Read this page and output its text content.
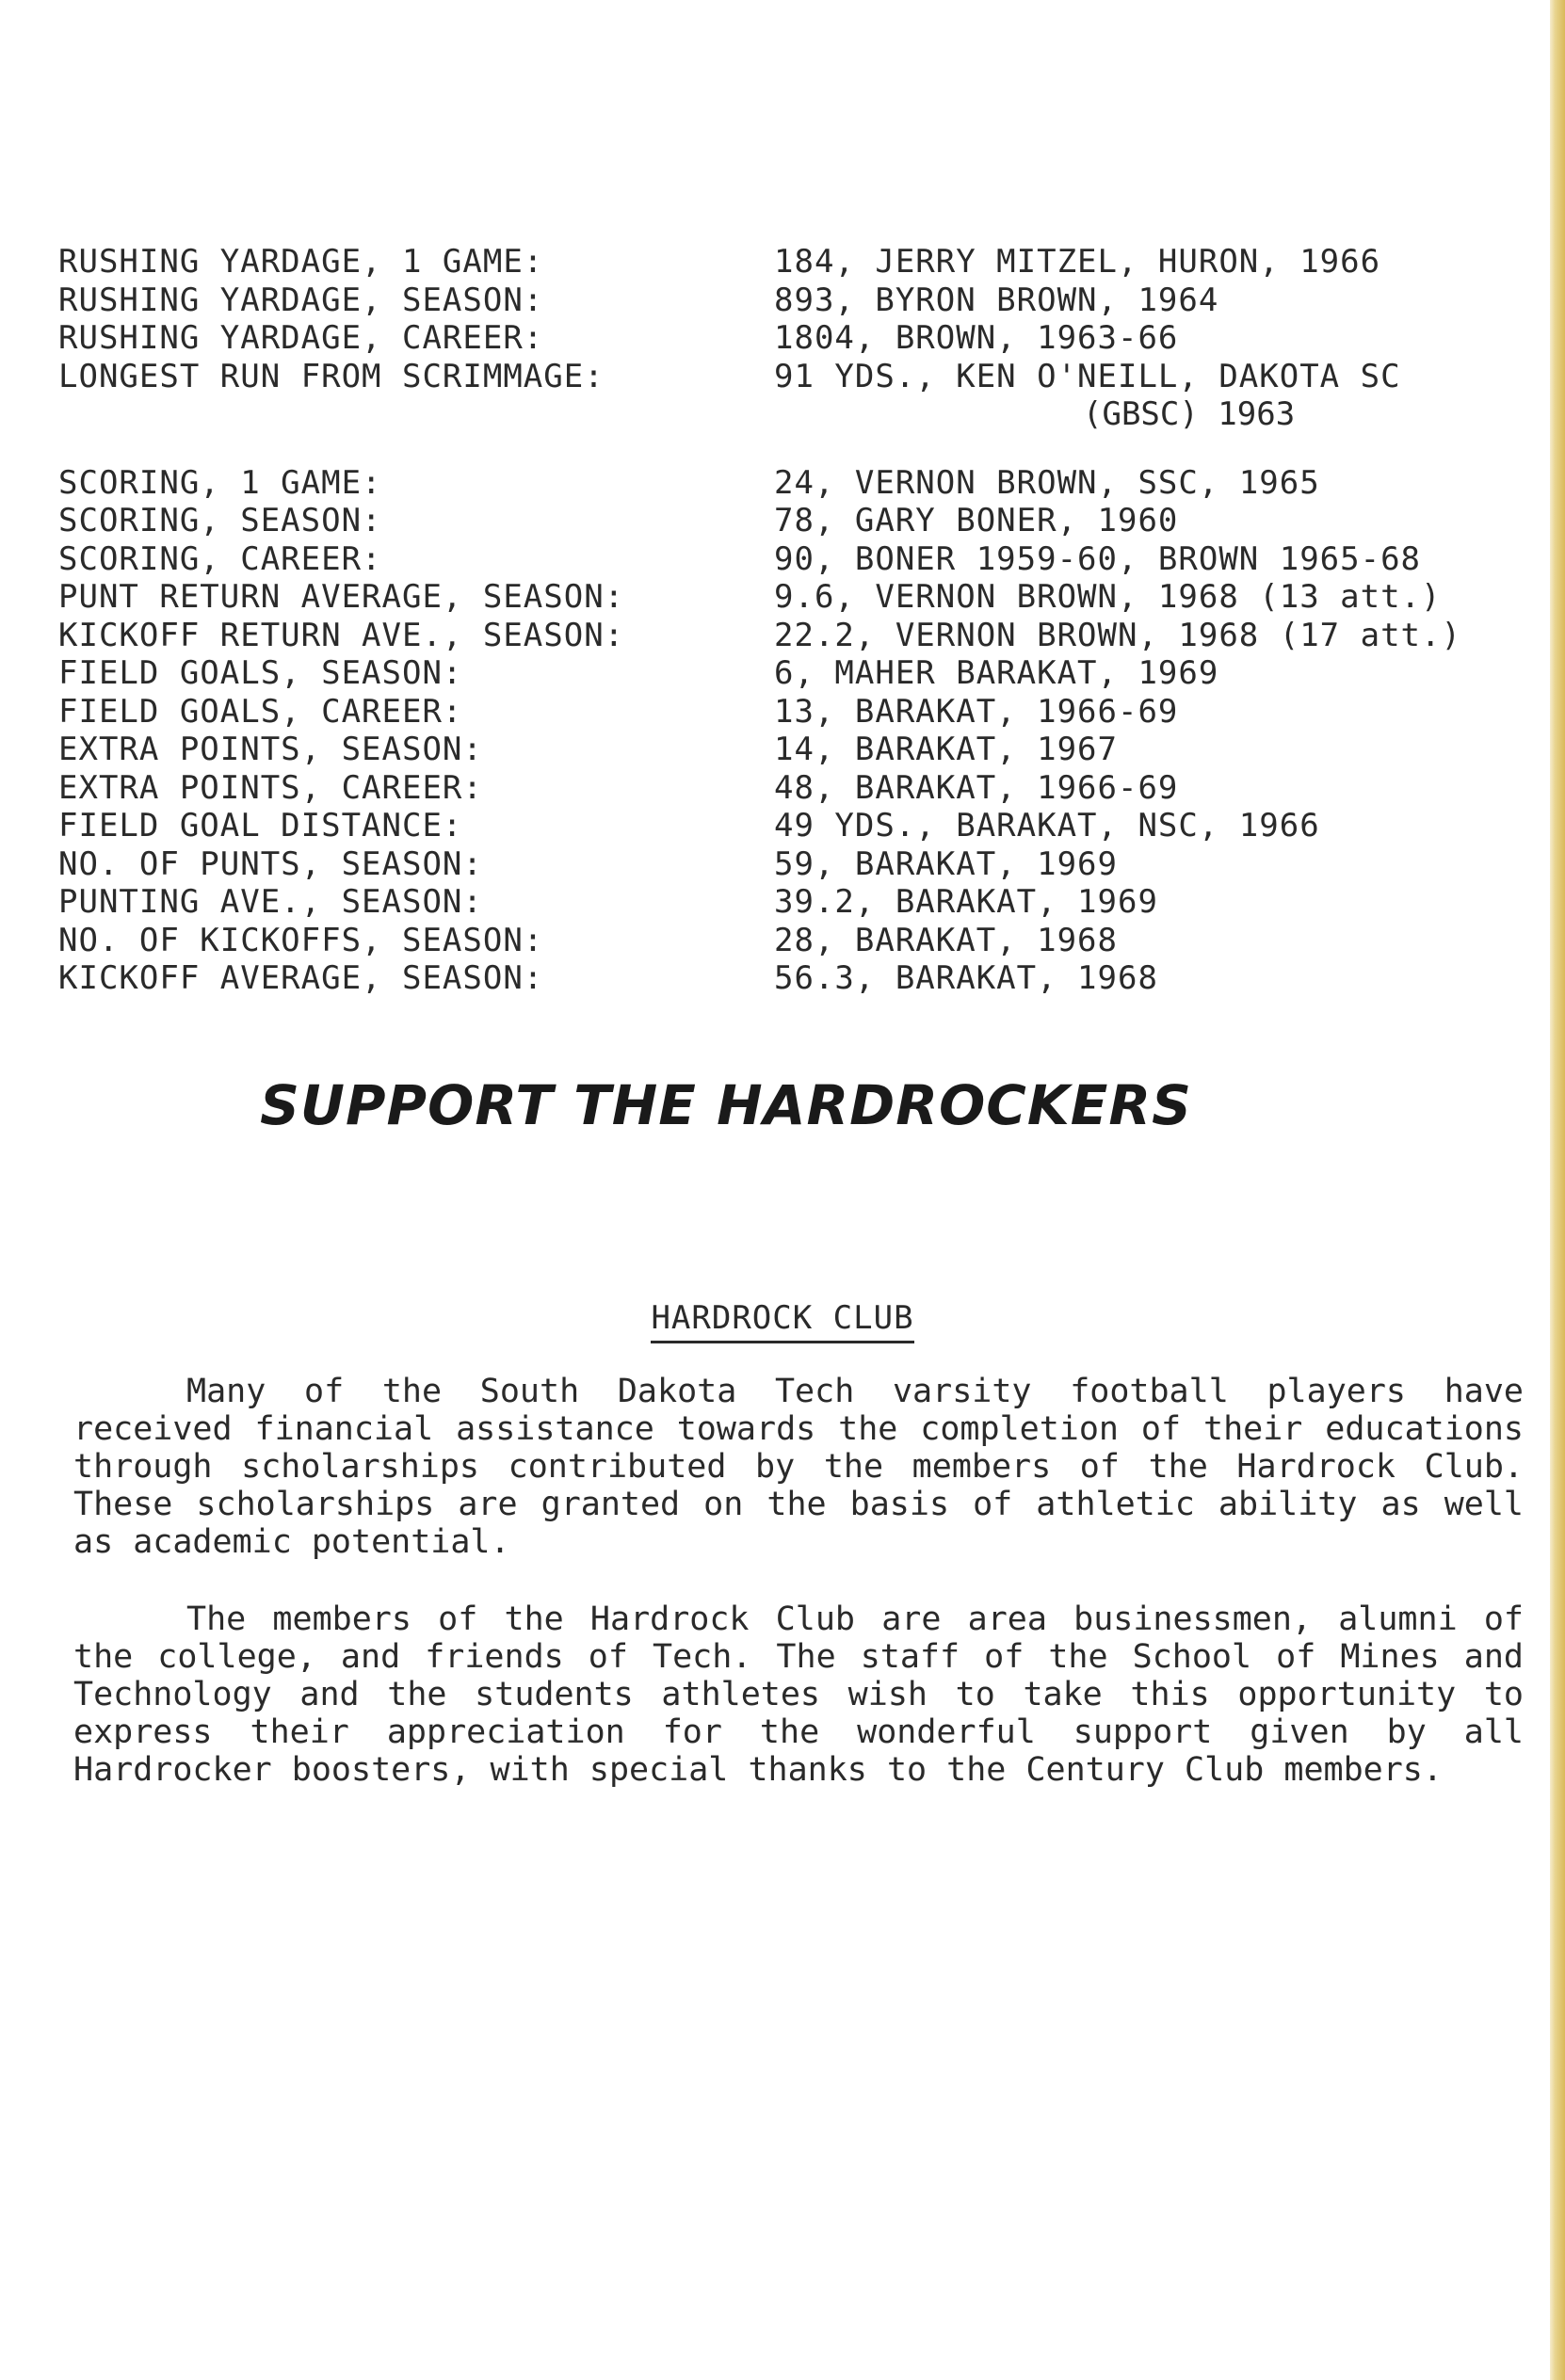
RUSHING YARDAGE, 1 GAME:	184, JERRY MITZEL, HURON, 1966
RUSHING YARDAGE, SEASON:	893, BYRON BROWN, 1964
RUSHING YARDAGE, CAREER:	1804, BROWN, 1963-66
LONGEST RUN FROM SCRIMMAGE:	91 YDS., KEN O'NEILL, DAKOTA SC
(GBSC) 1963
SCORING, 1 GAME:	24, VERNON BROWN, SSC, 1965
SCORING, SEASON:	78, GARY BONER, 1960
SCORING, CAREER:	90, BONER 1959-60, BROWN 1965-68
PUNT RETURN AVERAGE, SEASON:	9.6, VERNON BROWN, 1968 (13 att.)
KICKOFF RETURN AVE., SEASON:	22.2, VERNON BROWN, 1968 (17 att.)
FIELD GOALS, SEASON:	6, MAHER BARAKAT, 1969
FIELD GOALS, CAREER:	13, BARAKAT, 1966-69
EXTRA POINTS, SEASON:	14, BARAKAT, 1967
EXTRA POINTS, CAREER:	48, BARAKAT, 1966-69
FIELD GOAL DISTANCE:	49 YDS., BARAKAT, NSC, 1966
NO. OF PUNTS, SEASON:	59, BARAKAT, 1969
PUNTING AVE., SEASON:	39.2, BARAKAT, 1969
NO. OF KICKOFFS, SEASON:	28, BARAKAT, 1968
KICKOFF AVERAGE, SEASON:	56.3, BARAKAT, 1968
SUPPORT THE HARDROCKERS
HARDROCK CLUB

Many of the South Dakota Tech varsity football players have received financial assistance towards the completion of their educations through scholarships contributed by the members of the Hardrock Club. These scholarships are granted on the basis of athletic ability as well as academic potential.

The members of the Hardrock Club are area businessmen, alumni of the college, and friends of Tech. The staff of the School of Mines and Technology and the students athletes wish to take this opportunity to express their appreciation for the wonderful support given by all Hardrocker boosters, with special thanks to the Century Club members.
